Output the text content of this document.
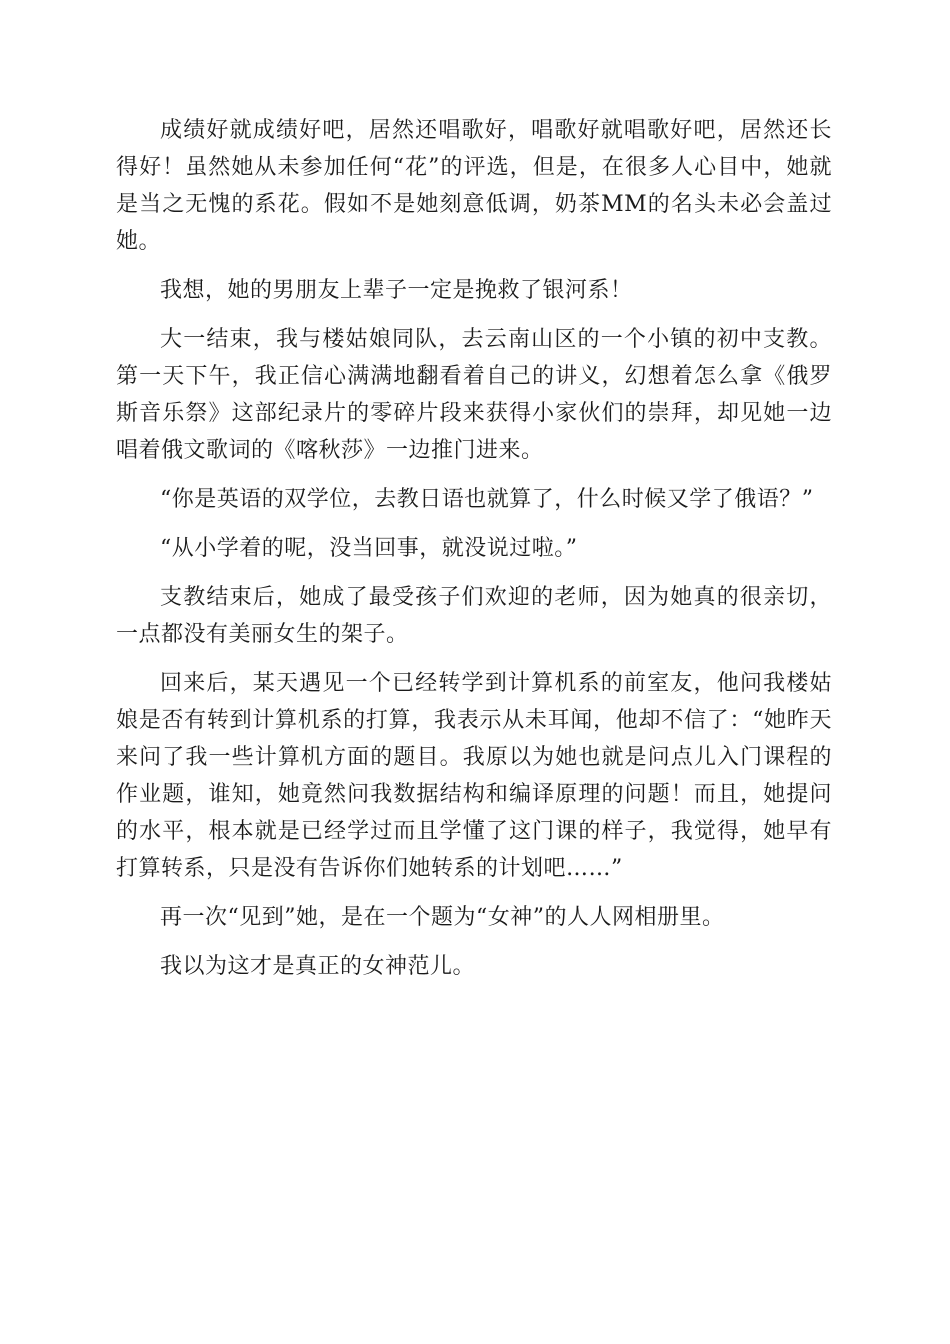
成绩好就成绩好吧，居然还唱歌好，唱歌好就唱歌好吧，居然还长得好！虽然她从未参加任何“花”的评选，但是，在很多人心目中，她就是当之无愧的系花。假如不是她刻意低调，奶茶MM的名头未必会盖过她。

我想，她的男朋友上辈子一定是挽救了银河系！

大一结束，我与楼姑娘同队，去云南山区的一个小镇的初中支教。第一天下午，我正信心满满地翻看着自己的讲义，幻想着怎么拿《俄罗斯音乐祭》这部纪录片的零碎片段来获得小家伙们的崇拜，却见她一边唱着俄文歌词的《喀秋莎》一边推门进来。

“你是英语的双学位，去教日语也就算了，什么时候又学了俄语？”

“从小学着的呢，没当回事，就没说过啦。”

支教结束后，她成了最受孩子们欢迎的老师，因为她真的很亲切，一点都没有美丽女生的架子。

回来后，某天遇见一个已经转学到计算机系的前室友，他问我楼姑娘是否有转到计算机系的打算，我表示从未耳闻，他却不信了：“她昨天来问了我一些计算机方面的题目。我原以为她也就是问点儿入门课程的作业题，谁知，她竟然问我数据结构和编译原理的问题！而且，她提问的水平，根本就是已经学过而且学懂了这门课的样子，我觉得，她早有打算转系，只是没有告诉你们她转系的计划吧……”

再一次“见到”她，是在一个题为“女神”的人人网相册里。

我以为这才是真正的女神范儿。
